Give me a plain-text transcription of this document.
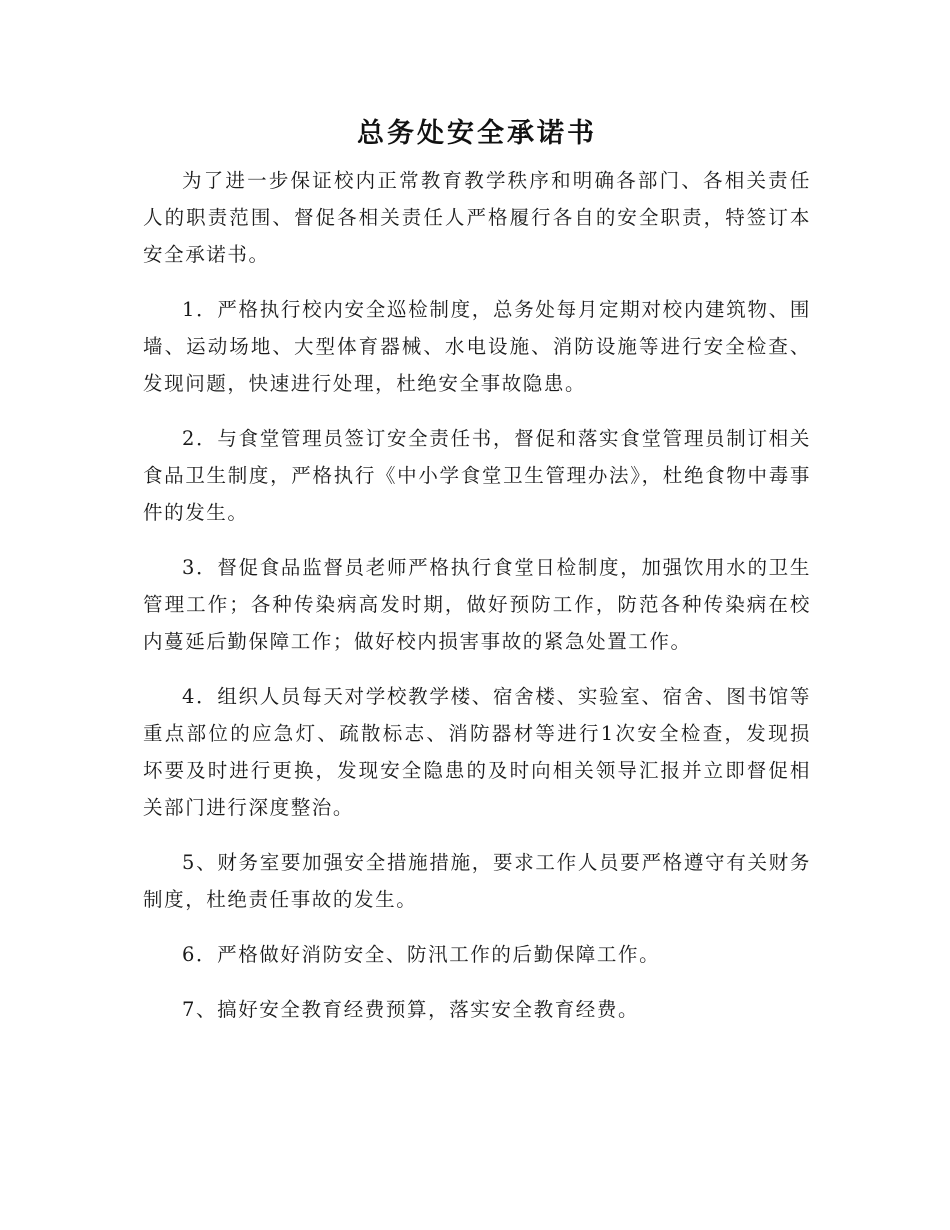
总务处安全承诺书

为了进一步保证校内正常教育教学秩序和明确各部门、各相关责任人的职责范围、督促各相关责任人严格履行各自的安全职责，特签订本安全承诺书。

1．严格执行校内安全巡检制度，总务处每月定期对校内建筑物、围墙、运动场地、大型体育器械、水电设施、消防设施等进行安全检查、发现问题，快速进行处理，杜绝安全事故隐患。

2．与食堂管理员签订安全责任书，督促和落实食堂管理员制订相关食品卫生制度，严格执行《中小学食堂卫生管理办法》，杜绝食物中毒事件的发生。

3．督促食品监督员老师严格执行食堂日检制度，加强饮用水的卫生管理工作；各种传染病高发时期，做好预防工作，防范各种传染病在校内蔓延后勤保障工作；做好校内损害事故的紧急处置工作。

4．组织人员每天对学校教学楼、宿舍楼、实验室、宿舍、图书馆等重点部位的应急灯、疏散标志、消防器材等进行1次安全检查，发现损坏要及时进行更换，发现安全隐患的及时向相关领导汇报并立即督促相关部门进行深度整治。

5、财务室要加强安全措施措施，要求工作人员要严格遵守有关财务制度，杜绝责任事故的发生。

6．严格做好消防安全、防汛工作的后勤保障工作。

7、搞好安全教育经费预算，落实安全教育经费。
